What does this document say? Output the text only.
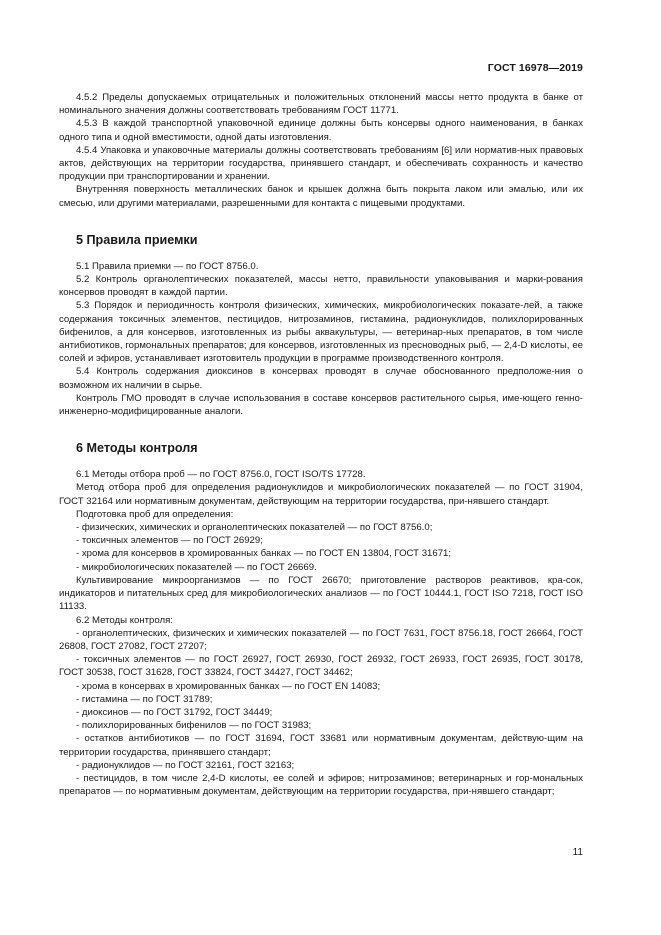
ГОСТ 16978—2019

4.5.2 Пределы допускаемых отрицательных и положительных отклонений массы нетто продукта в банке от номинального значения должны соответствовать требованиям ГОСТ 11771.

4.5.3 В каждой транспортной упаковочной единице должны быть консервы одного наименования, в банках одного типа и одной вместимости, одной даты изготовления.

4.5.4 Упаковка и упаковочные материалы должны соответствовать требованиям [6] или норматив-ных правовых актов, действующих на территории государства, принявшего стандарт, и обеспечивать сохранность и качество продукции при транспортировании и хранении.

Внутренняя поверхность металлических банок и крышек должна быть покрыта лаком или эмалью, или их смесью, или другими материалами, разрешенными для контакта с пищевыми продуктами.

5 Правила приемки

5.1 Правила приемки — по ГОСТ 8756.0.

5.2 Контроль органолептических показателей, массы нетто, правильности упаковывания и марки-рования консервов проводят в каждой партии.

5.3 Порядок и периодичность контроля физических, химических, микробиологических показате-лей, а также содержания токсичных элементов, пестицидов, нитрозаминов, гистамина, радионуклидов, полихлорированных бифенилов, а для консервов, изготовленных из рыбы аквакультуры, — ветеринар-ных препаратов, в том числе антибиотиков, гормональных препаратов; для консервов, изготовленных из пресноводных рыб, — 2,4-D кислоты, ее солей и эфиров, устанавливает изготовитель продукции в программе производственного контроля.

5.4 Контроль содержания диоксинов в консервах проводят в случае обоснованного предположе-ния о возможном их наличии в сырье.

Контроль ГМО проводят в случае использования в составе консервов растительного сырья, име-ющего генно-инженерно-модифицированные аналоги.

6 Методы контроля

6.1 Методы отбора проб — по ГОСТ 8756.0, ГОСТ ISO/TS 17728.

Метод отбора проб для определения радионуклидов и микробиологических показателей — по ГОСТ 31904, ГОСТ 32164 или нормативным документам, действующим на территории государства, при-нявшего стандарт.

Подготовка проб для определения:

- физических, химических и органолептических показателей — по ГОСТ 8756.0;

- токсичных элементов — по ГОСТ 26929;

- хрома для консервов в хромированных банках — по ГОСТ EN 13804, ГОСТ 31671;

- микробиологических показателей — по ГОСТ 26669.

Культивирование микроорганизмов — по ГОСТ 26670; приготовление растворов реактивов, кра-сок, индикаторов и питательных сред для микробиологических анализов — по ГОСТ 10444.1, ГОСТ ISO 7218, ГОСТ ISO 11133.

6.2 Методы контроля:

- органолептических, физических и химических показателей — по ГОСТ 7631, ГОСТ 8756.18, ГОСТ 26664, ГОСТ 26808, ГОСТ 27082, ГОСТ 27207;

- токсичных элементов — по ГОСТ 26927, ГОСТ 26930, ГОСТ 26932, ГОСТ 26933, ГОСТ 26935, ГОСТ 30178, ГОСТ 30538, ГОСТ 31628, ГОСТ 33824, ГОСТ 34427, ГОСТ 34462;

- хрома в консервах в хромированных банках — по ГОСТ EN 14083;

- гистамина — по ГОСТ 31789;

- диоксинов — по ГОСТ 31792, ГОСТ 34449;

- полихлорированных бифенилов — по ГОСТ 31983;

- остатков антибиотиков — по ГОСТ 31694, ГОСТ 33681 или нормативным документам, действую-щим на территории государства, принявшего стандарт;

- радионуклидов — по ГОСТ 32161, ГОСТ 32163;

- пестицидов, в том числе 2,4-D кислоты, ее солей и эфиров; нитрозаминов; ветеринарных и гор-мональных препаратов — по нормативным документам, действующим на территории государства, при-нявшего стандарт;

11
